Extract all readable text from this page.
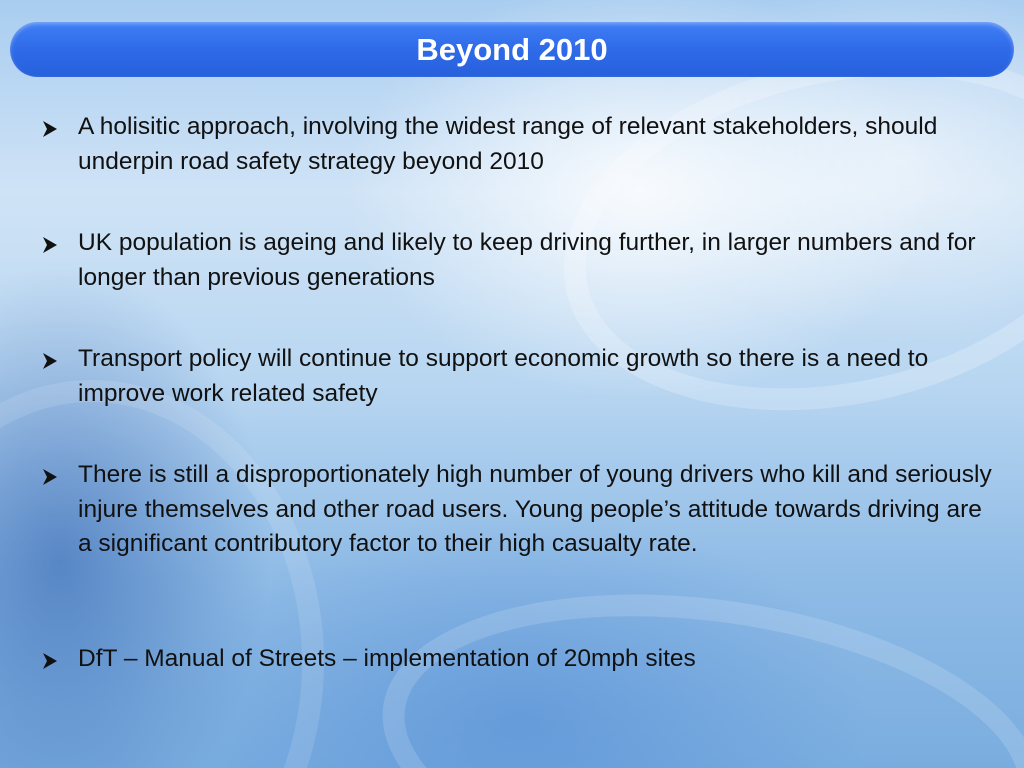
Beyond 2010
A holisitic approach, involving the widest range of relevant stakeholders, should underpin road safety strategy beyond 2010
UK population is ageing and likely to keep driving further, in larger numbers and for longer than previous generations
Transport policy will continue to support economic growth so there is a need to improve work related safety
There is still a disproportionately high number of young drivers who kill and seriously injure themselves and other road users. Young people’s attitude towards driving are a significant contributory factor to their high casualty rate.
DfT – Manual of Streets – implementation of 20mph sites
